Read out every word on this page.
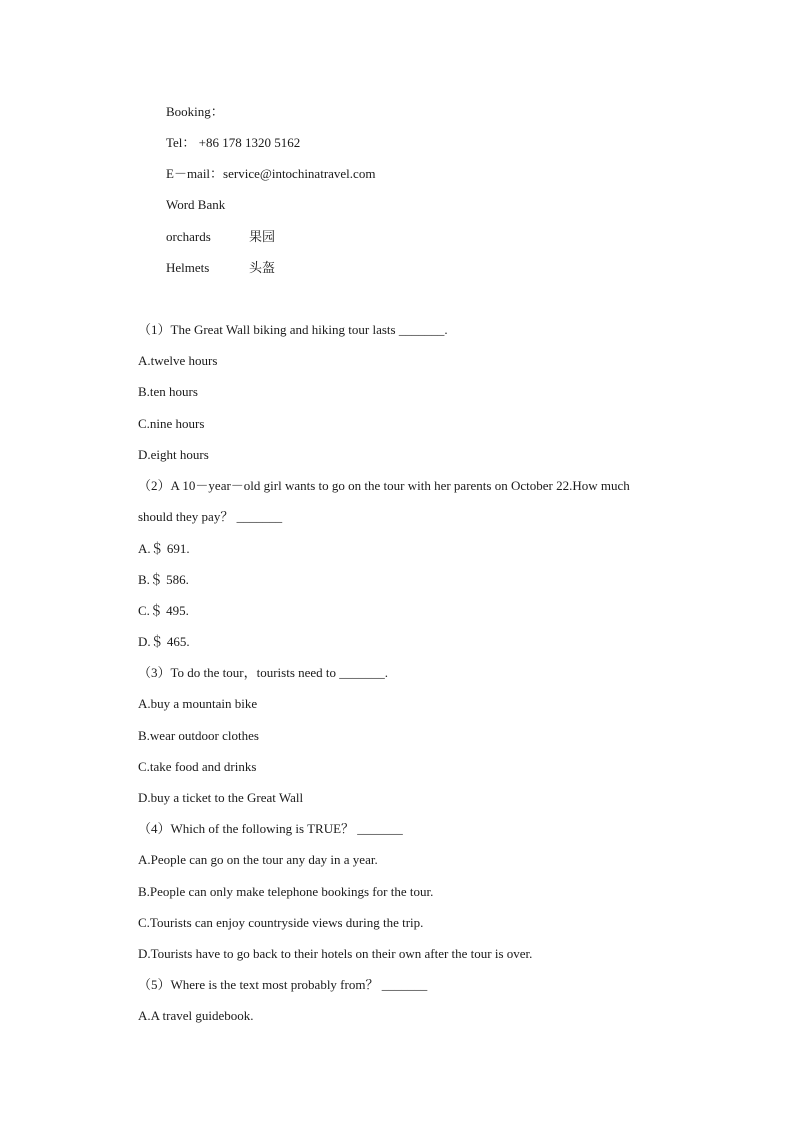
Booking：
Tel： +86 178 1320 5162
E－mail：service@intochinatravel.com
Word Bank
orchards	果园
Helmets	头盔
（1）The Great Wall biking and hiking tour lasts _______.
A.twelve hours
B.ten hours
C.nine hours
D.eight hours
（2）A 10－year－old girl wants to go on the tour with her parents on October 22.How much
should they pay？ _______
A.＄ 691.
B.＄ 586.
C.＄ 495.
D.＄ 465.
（3）To do the tour，tourists need to _______.
A.buy a mountain bike
B.wear outdoor clothes
C.take food and drinks
D.buy a ticket to the Great Wall
（4）Which of the following is TRUE？ _______
A.People can go on the tour any day in a year.
B.People can only make telephone bookings for the tour.
C.Tourists can enjoy countryside views during the trip.
D.Tourists have to go back to their hotels on their own after the tour is over.
（5）Where is the text most probably from？ _______
A.A travel guidebook.
